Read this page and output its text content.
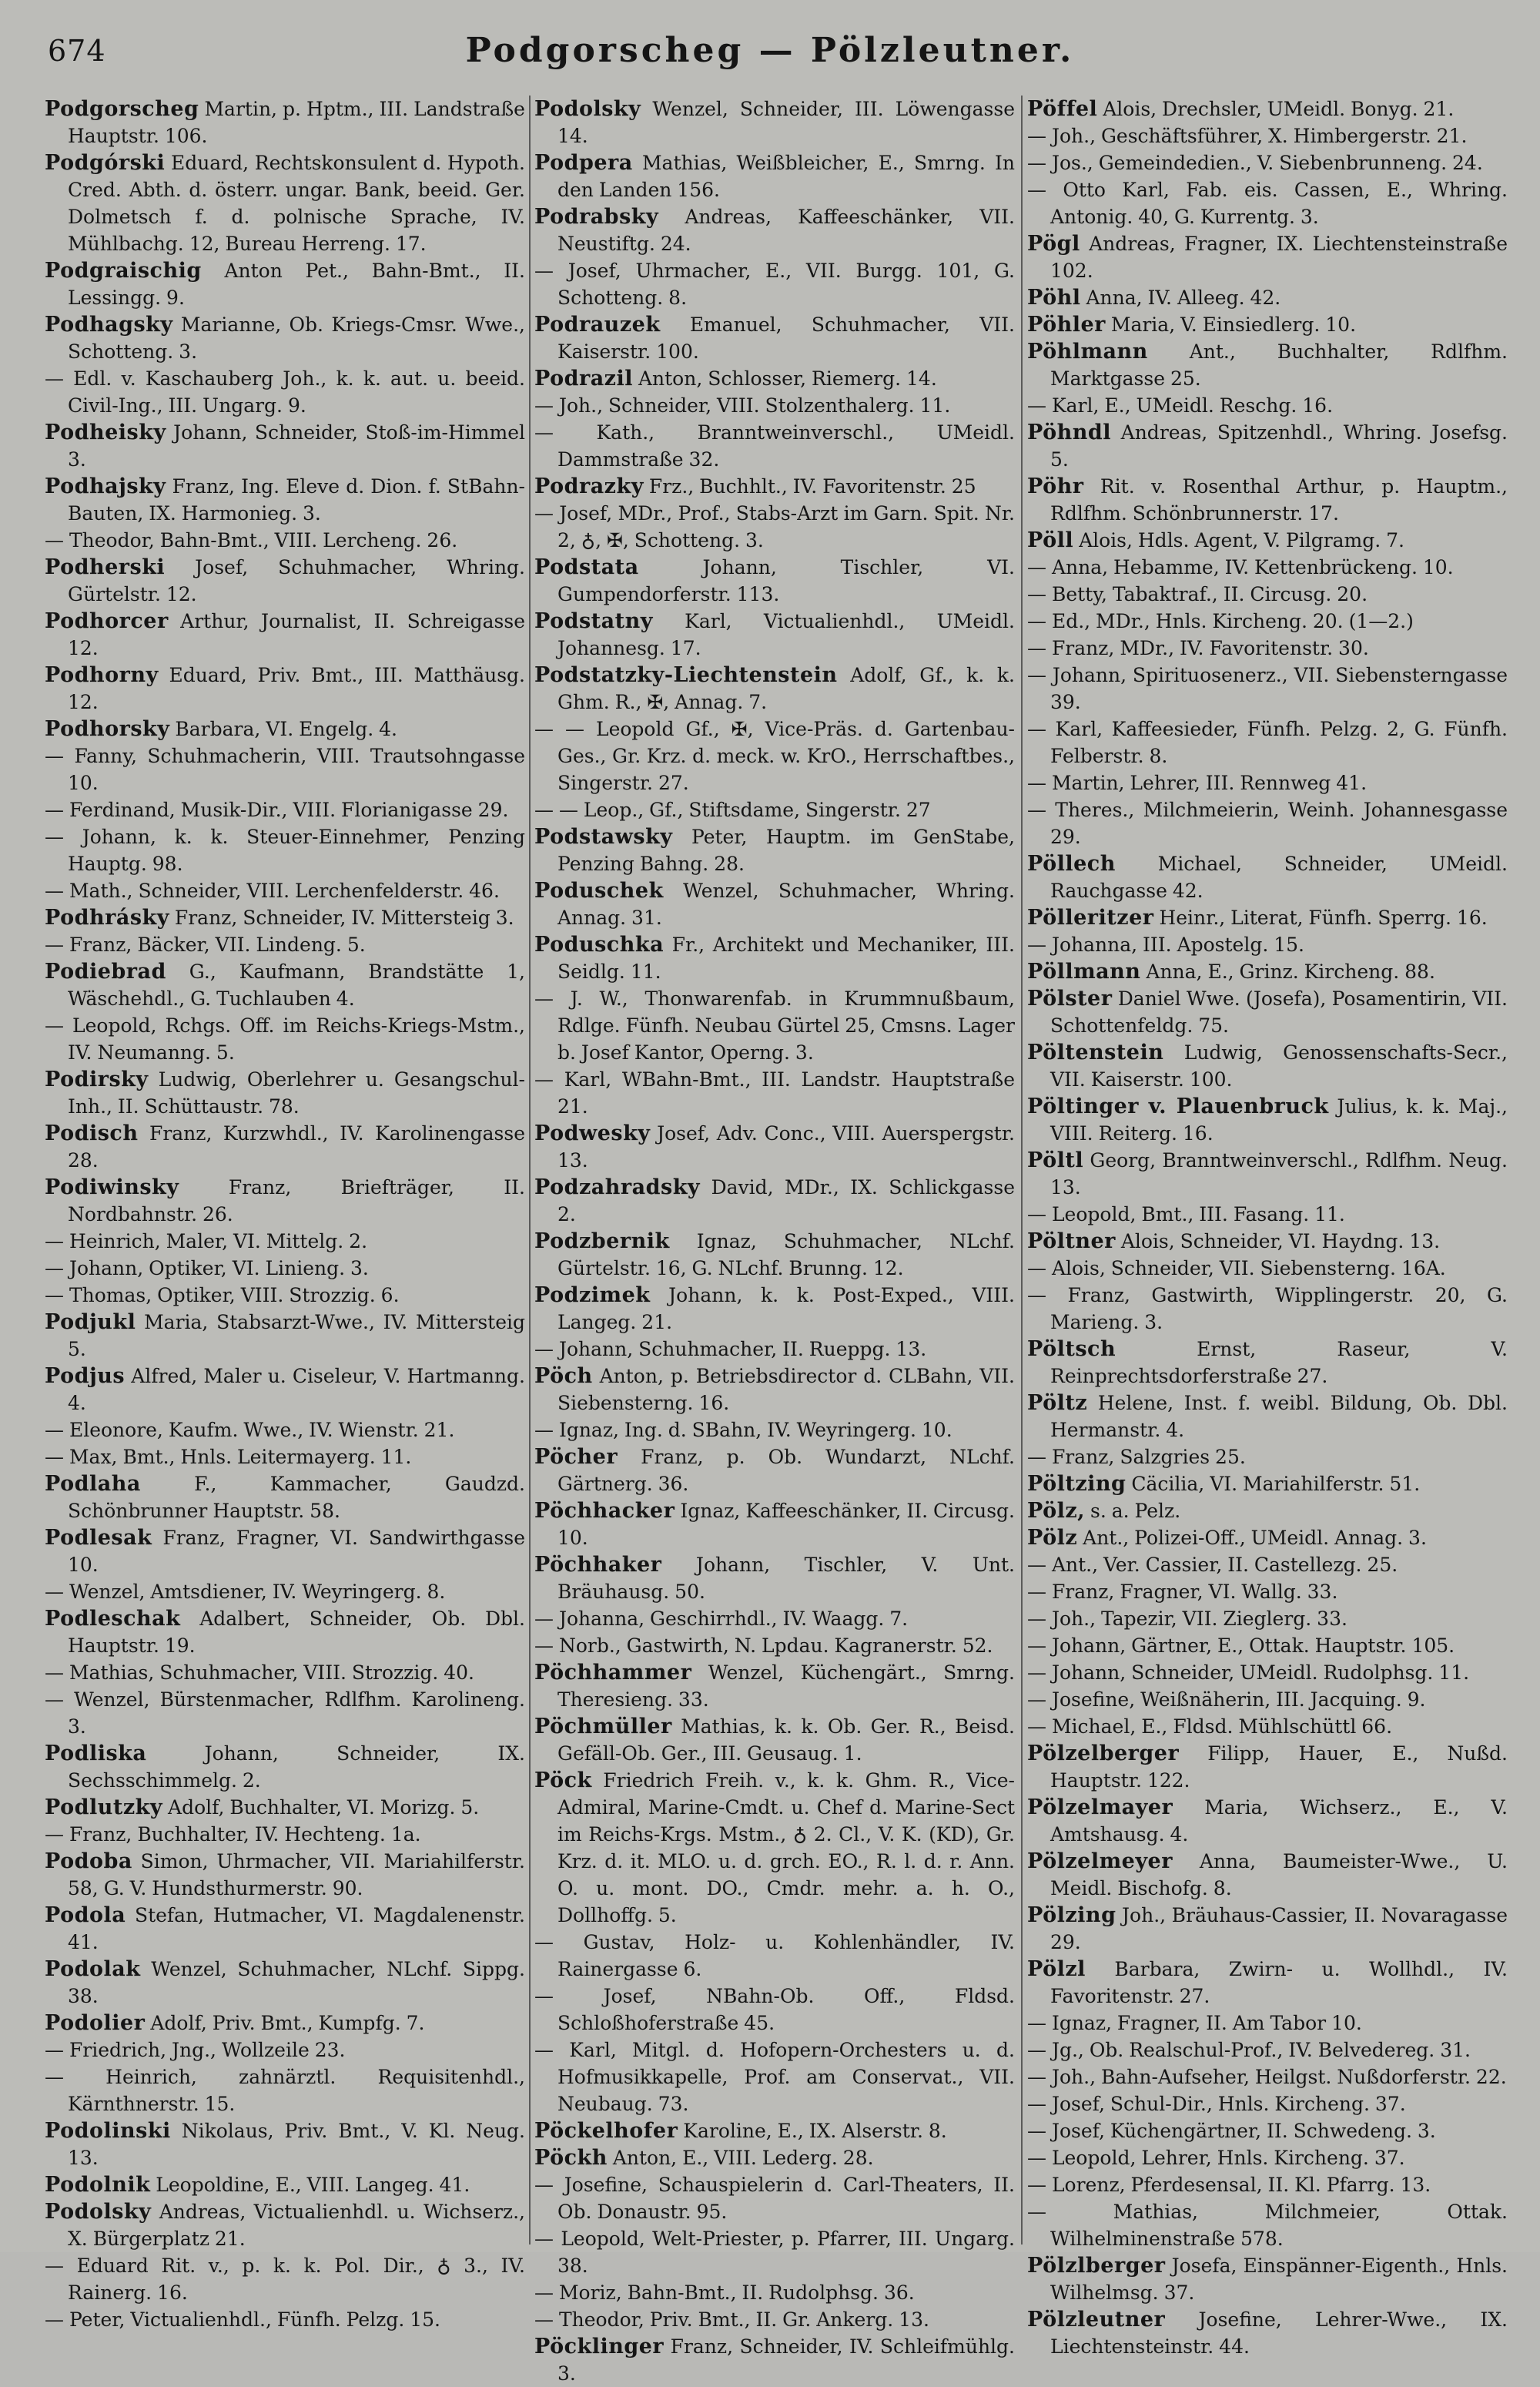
674	Podgorscheg — Pölzleutner.
Podgorscheg Martin, p. Hptm., III. Landstraße Hauptstr. 106.
Podgórski Eduard, Rechtskonsulent d. Hypoth. Cred. Abth. d. österr. ungar. Bank, beeid. Ger. Dolmetsch f. d. polnische Sprache, IV. Mühlbachg. 12, Bureau Herreng. 17.
Podgraischig Anton Pet., Bahn-Bmt., II. Lessingg. 9.
Podhagsky Marianne, Ob. Kriegs-Cmsr. Wwe., Schotteng. 3.
— Edl. v. Kaschauberg Joh., k. k. aut. u. beeid. Civil-Ing., III. Ungarg. 9.
Podheisky Johann, Schneider, Stoß-im-Himmel 3.
Podhajsky Franz, Ing. Eleve d. Dion. f. StBahn-Bauten, IX. Harmonieg. 3.
— Theodor, Bahn-Bmt., VIII. Lercheng. 26.
Podherski Josef, Schuhmacher, Whring. Gürtelstr. 12.
Podhorcer Arthur, Journalist, II. Schreigasse 12.
Podhorny Eduard, Priv. Bmt., III. Matthäusg. 12.
Podhorsky Barbara, VI. Engelg. 4.
— Fanny, Schuhmacherin, VIII. Trautsohngasse 10.
— Ferdinand, Musik-Dir., VIII. Florianigasse 29.
— Johann, k. k. Steuer-Einnehmer, Penzing Hauptg. 98.
— Math., Schneider, VIII. Lerchenfelderstr. 46.
Podhrásky Franz, Schneider, IV. Mittersteig 3.
— Franz, Bäcker, VII. Lindeng. 5.
Podiebrad G., Kaufmann, Brandstätte 1, Wäschehdl., G. Tuchlauben 4.
— Leopold, Rchgs. Off. im Reichs-Kriegs-Mstm., IV. Neumanng. 5.
Podirsky Ludwig, Oberlehrer u. Gesangschul-Inh., II. Schüttaustr. 78.
Podisch Franz, Kurzwhdl., IV. Karolinengasse 28.
Podiwinsky	Franz, Briefträger, II. Nordbahnstr. 26.
— Heinrich, Maler, VI. Mittelg. 2.
— Johann, Optiker, VI. Linieng. 3.
— Thomas, Optiker, VIII. Strozzig. 6.
Podjukl Maria, Stabsarzt-Wwe., IV. Mittersteig 5.
Podjus Alfred, Maler u. Ciseleur, V. Hartmanng. 4.
— Eleonore, Kaufm. Wwe., IV. Wienstr. 21.
— Max, Bmt., Hnls. Leitermayerg. 11.
Podlaha	F., Kammacher, Gaudzd. Schönbrunner Hauptstr. 58.
Podlesak Franz, Fragner, VI. Sandwirthgasse 10.
— Wenzel, Amtsdiener, IV. Weyringerg. 8.
Podleschak Adalbert, Schneider, Ob. Dbl. Hauptstr. 19.
— Mathias, Schuhmacher, VIII. Strozzig. 40.
— Wenzel, Bürstenmacher, Rdlfhm. Karolineng. 3.
Podliska	Johann, Schneider, IX. Sechsschimmelg. 2.
Podlutzky Adolf, Buchhalter, VI. Morizg. 5.
— Franz, Buchhalter, IV. Hechteng. 1a.
Podoba Simon, Uhrmacher, VII. Mariahilferstr. 58, G. V. Hundsthurmerstr. 90.
Podola Stefan, Hutmacher, VI. Magdalenenstr. 41.
Podolak Wenzel, Schuhmacher, NLchf. Sippg. 38.
Podolier Adolf, Priv. Bmt., Kumpfg. 7.
— Friedrich, Jng., Wollzeile 23.
— Heinrich, zahnärztl. Requisitenhdl., Kärnthnerstr. 15.
Podolinski Nikolaus, Priv. Bmt., V. Kl. Neug. 13.
Podolnik Leopoldine, E., VIII. Langeg. 41.
Podolsky Andreas, Victualienhdl. u. Wichserz., X. Bürgerplatz 21.
— Eduard Rit. v., p. k. k. Pol. Dir., ♁ 3., IV. Rainerg. 16.
— Peter, Victualienhdl., Fünfh. Pelzg. 15.
Podolsky Wenzel, Schneider, III. Löwengasse 14.
Podpera Mathias, Weißbleicher, E., Smrng. In den Landen 156.
Podrabsky Andreas, Kaffeeschänker, VII. Neustiftg. 24.
— Josef, Uhrmacher, E., VII. Burgg. 101, G. Schotteng. 8.
Podrauzek Emanuel, Schuhmacher, VII. Kaiserstr. 100.
Podrazil Anton, Schlosser, Riemerg. 14.
— Joh., Schneider, VIII. Stolzenthalerg. 11.
— Kath., Branntweinverschl., UMeidl. Dammstraße 32.
Podrazky Frz., Buchhlt., IV. Favoritenstr. 25
— Josef, MDr., Prof., Stabs-Arzt im Garn. Spit. Nr. 2, ♁, ✠, Schotteng. 3.
Podstata	Johann, Tischler, VI. Gumpendorferstr. 113.
Podstatny Karl, Victualienhdl., UMeidl. Johannesg. 17.
Podstatzky-Liechtenstein Adolf, Gf., k. k. Ghm. R., ✠, Annag. 7.
— — Leopold Gf., ✠, Vice-Präs. d. Gartenbau-Ges., Gr. Krz. d. meck. w. KrO., Herrschaftbes., Singerstr. 27.
— — Leop., Gf., Stiftsdame, Singerstr. 27
Podstawsky Peter, Hauptm. im GenStabe, Penzing Bahng. 28.
Poduschek Wenzel, Schuhmacher, Whring. Annag. 31.
Poduschka Fr., Architekt und Mechaniker, III. Seidlg. 11.
— J. W., Thonwarenfab. in Krummnußbaum, Rdlge. Fünfh. Neubau Gürtel 25, Cmsns. Lager b. Josef Kantor, Operng. 3.
— Karl, WBahn-Bmt., III. Landstr. Hauptstraße 21.
Podwesky Josef, Adv. Conc., VIII. Auerspergstr. 13.
Podzahradsky David, MDr., IX. Schlickgasse 2.
Podzbernik Ignaz, Schuhmacher, NLchf. Gürtelstr. 16, G. NLchf. Brunng. 12.
Podzimek Johann, k. k. Post-Exped., VIII. Langeg. 21.
— Johann, Schuhmacher, II. Rueppg. 13.
Pöch Anton, p. Betriebsdirector d. CLBahn, VII. Siebensterng. 16.
— Ignaz, Ing. d. SBahn, IV. Weyringerg. 10.
Pöcher Franz, p. Ob. Wundarzt, NLchf. Gärtnerg. 36.
Pöchhacker Ignaz, Kaffeeschänker, II. Circusg. 10.
Pöchhaker Johann, Tischler, V. Unt. Bräuhausg. 50.
— Johanna, Geschirrhdl., IV. Waagg. 7.
— Norb., Gastwirth, N. Lpdau. Kagranerstr. 52.
Pöchhammer Wenzel, Küchengärt., Smrng. Theresieng. 33.
Pöchmüller Mathias, k. k. Ob. Ger. R., Beisd. Gefäll-Ob. Ger., III. Geusaug. 1.
Pöck Friedrich Freih. v., k. k. Ghm. R., Vice-Admiral, Marine-Cmdt. u. Chef d. Marine-Sect im Reichs-Krgs. Mstm., ♁ 2. Cl., V. K. (KD), Gr. Krz. d. it. MLO. u. d. grch. EO., R. l. d. r. Ann. O. u. mont. DO., Cmdr. mehr. a. h. O., Dollhoffg. 5.
— Gustav, Holz- u. Kohlenhändler, IV. Rainergasse 6.
— Josef, NBahn-Ob. Off., Fldsd. Schloßhoferstraße 45.
— Karl, Mitgl. d. Hofopern-Orchesters u. d. Hofmusikkapelle, Prof. am Conservat., VII. Neubaug. 73.
Pöckelhofer Karoline, E., IX. Alserstr. 8.
Pöckh Anton, E., VIII. Lederg. 28.
— Josefine, Schauspielerin d. Carl-Theaters, II. Ob. Donaustr. 95.
— Leopold, Welt-Priester, p. Pfarrer, III. Ungarg. 38.
— Moriz, Bahn-Bmt., II. Rudolphsg. 36.
— Theodor, Priv. Bmt., II. Gr. Ankerg. 13.
Pöcklinger Franz, Schneider, IV. Schleifmühlg. 3.
Pöffel Alois, Drechsler, UMeidl. Bonyg. 21.
— Joh., Geschäftsführer, X. Himbergerstr. 21.
— Jos., Gemeindedien., V. Siebenbrunneng. 24.
— Otto Karl, Fab. eis. Cassen, E., Whring. Antonig. 40, G. Kurrentg. 3.
Pögl Andreas, Fragner, IX. Liechtensteinstraße 102.
Pöhl Anna, IV. Alleeg. 42.
Pöhler Maria, V. Einsiedlerg. 10.
Pöhlmann Ant., Buchhalter, Rdlfhm. Marktgasse 25.
— Karl, E., UMeidl. Reschg. 16.
Pöhndl Andreas, Spitzenhdl., Whring. Josefsg. 5.
Pöhr Rit. v. Rosenthal Arthur, p. Hauptm., Rdlfhm. Schönbrunnerstr. 17.
Pöll Alois, Hdls. Agent, V. Pilgramg. 7.
— Anna, Hebamme, IV. Kettenbrückeng. 10.
— Betty, Tabaktraf., II. Circusg. 20.
— Ed., MDr., Hnls. Kircheng. 20. (1—2.)
— Franz, MDr., IV. Favoritenstr. 30.
— Johann, Spirituosenerz., VII. Siebensterngasse 39.
— Karl, Kaffeesieder, Fünfh. Pelzg. 2, G. Fünfh. Felberstr. 8.
— Martin, Lehrer, III. Rennweg 41.
— Theres., Milchmeierin, Weinh. Johannesgasse 29.
Pöllech Michael, Schneider, UMeidl. Rauchgasse 42.
Pölleritzer Heinr., Literat, Fünfh. Sperrg. 16.
— Johanna, III. Apostelg. 15.
Pöllmann Anna, E., Grinz. Kircheng. 88.
Pölster Daniel Wwe. (Josefa), Posamentirin, VII. Schottenfeldg. 75.
Pöltenstein Ludwig, Genossenschafts-Secr., VII. Kaiserstr. 100.
Pöltinger v. Plauenbruck Julius, k. k. Maj., VIII. Reiterg. 16.
Pöltl Georg, Branntweinverschl., Rdlfhm. Neug. 13.
— Leopold, Bmt., III. Fasang. 11.
Pöltner Alois, Schneider, VI. Haydng. 13.
— Alois, Schneider, VII. Siebensterng. 16A.
— Franz, Gastwirth, Wipplingerstr. 20, G. Marieng. 3.
Pöltsch	Ernst, Raseur, V. Reinprechtsdorferstraße 27.
Pöltz Helene, Inst. f. weibl. Bildung, Ob. Dbl. Hermanstr. 4.
— Franz, Salzgries 25.
Pöltzing Cäcilia, VI. Mariahilferstr. 51.
Pölz, s. a. Pelz.
Pölz Ant., Polizei-Off., UMeidl. Annag. 3.
— Ant., Ver. Cassier, II. Castellezg. 25.
— Franz, Fragner, VI. Wallg. 33.
— Joh., Tapezir, VII. Zieglerg. 33.
— Johann, Gärtner, E., Ottak. Hauptstr. 105.
— Johann, Schneider, UMeidl. Rudolphsg. 11.
— Josefine, Weißnäherin, III. Jacquing. 9.
— Michael, E., Fldsd. Mühlschüttl 66.
Pölzelberger Filipp, Hauer, E., Nußd. Hauptstr. 122.
Pölzelmayer Maria, Wichserz., E., V. Amtshausg. 4.
Pölzelmeyer Anna, Baumeister-Wwe., U. Meidl. Bischofg. 8.
Pölzing Joh., Bräuhaus-Cassier, II. Novaragasse 29.
Pölzl Barbara, Zwirn- u. Wollhdl., IV. Favoritenstr. 27.
— Ignaz, Fragner, II. Am Tabor 10.
— Jg., Ob. Realschul-Prof., IV. Belvedereg. 31.
— Joh., Bahn-Aufseher, Heilgst. Nußdorferstr. 22.
— Josef, Schul-Dir., Hnls. Kircheng. 37.
— Josef, Küchengärtner, II. Schwedeng. 3.
— Leopold, Lehrer, Hnls. Kircheng. 37.
— Lorenz, Pferdesensal, II. Kl. Pfarrg. 13.
— Mathias, Milchmeier, Ottak. Wilhelminenstraße 578.
Pölzlberger Josefa, Einspänner-Eigenth., Hnls. Wilhelmsg. 37.
Pölzleutner Josefine, Lehrer-Wwe., IX. Liechtensteinstr. 44.
